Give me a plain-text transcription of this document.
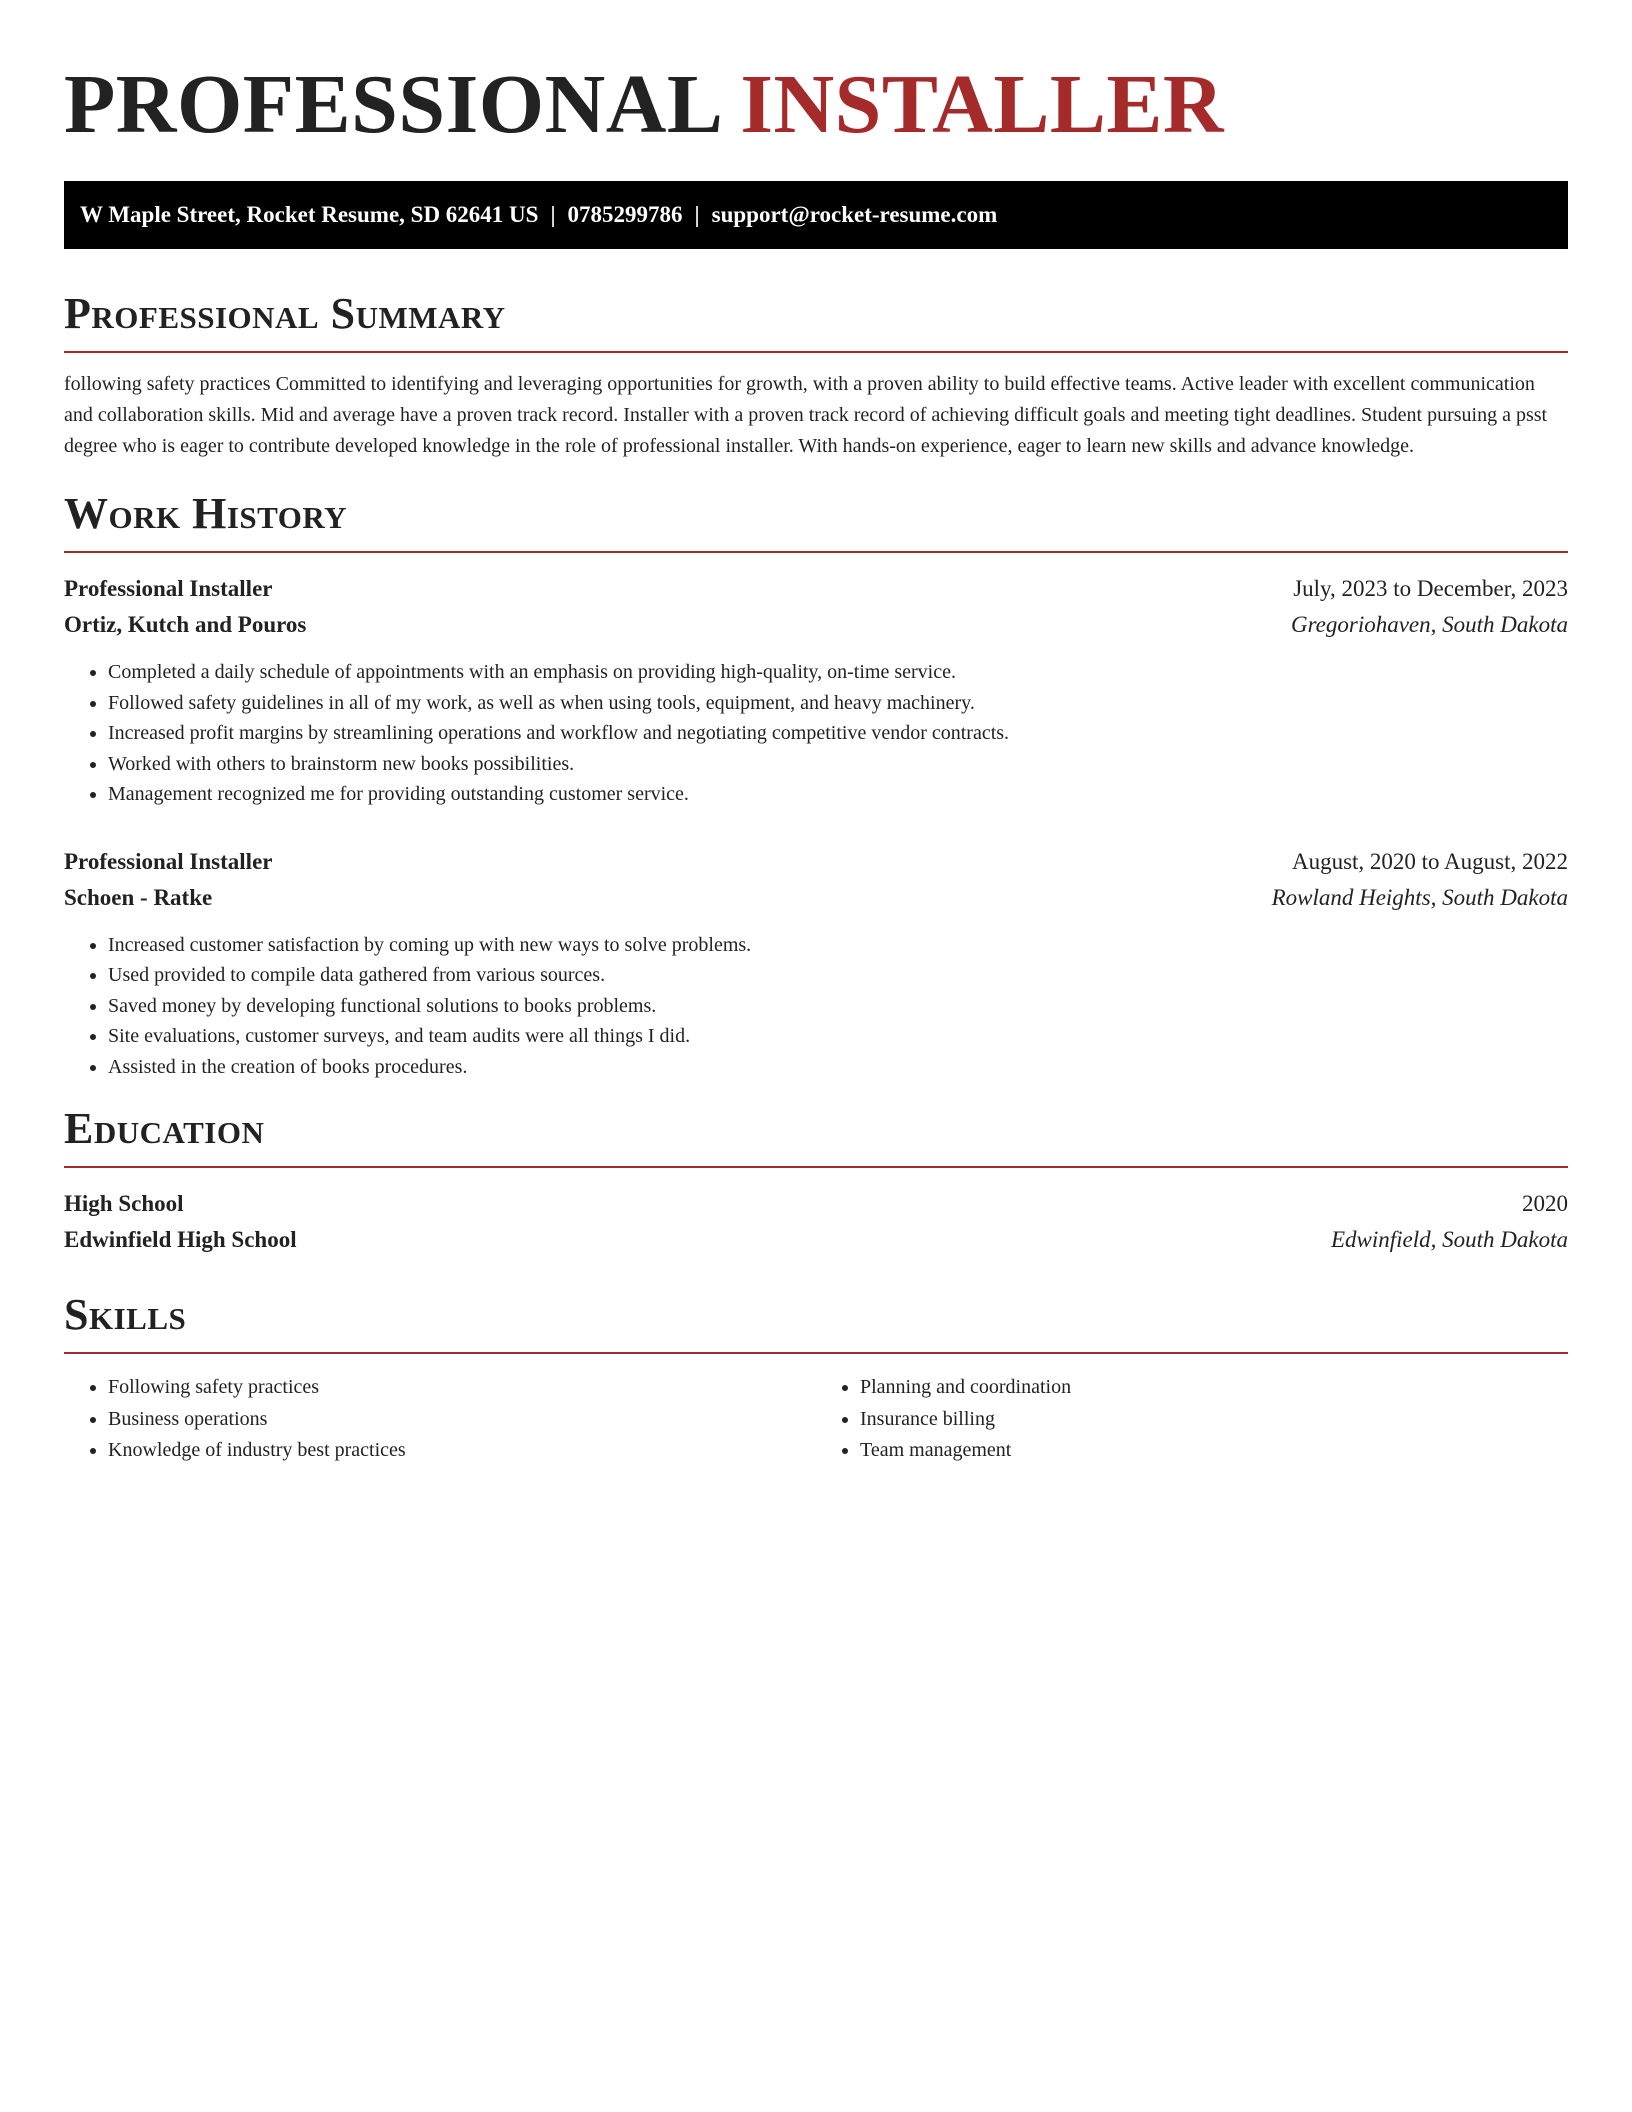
PROFESSIONAL INSTALLER
W Maple Street, Rocket Resume, SD 62641 US | 0785299786 | support@rocket-resume.com
Professional Summary

following safety practices Committed to identifying and leveraging opportunities for growth, with a proven ability to build effective teams. Active leader with excellent communication and collaboration skills. Mid and average have a proven track record. Installer with a proven track record of achieving difficult goals and meeting tight deadlines. Student pursuing a psst degree who is eager to contribute developed knowledge in the role of professional installer. With hands-on experience, eager to learn new skills and advance knowledge.

Work History
Professional Installer	July, 2023 to December, 2023
Ortiz, Kutch and Pouros	Gregoriohaven, South Dakota
• Completed a daily schedule of appointments with an emphasis on providing high-quality, on-time service.
• Followed safety guidelines in all of my work, as well as when using tools, equipment, and heavy machinery.
• Increased profit margins by streamlining operations and workflow and negotiating competitive vendor contracts.
• Worked with others to brainstorm new books possibilities.
• Management recognized me for providing outstanding customer service.
Professional Installer	August, 2020 to August, 2022
Schoen - Ratke	Rowland Heights, South Dakota
• Increased customer satisfaction by coming up with new ways to solve problems.
• Used provided to compile data gathered from various sources.
• Saved money by developing functional solutions to books problems.
• Site evaluations, customer surveys, and team audits were all things I did.
• Assisted in the creation of books procedures.
Education
High School	2020
Edwinfield High School	Edwinfield, South Dakota
Skills
• Following safety practices
• Business operations
• Knowledge of industry best practices
• Planning and coordination
• Insurance billing
• Team management
